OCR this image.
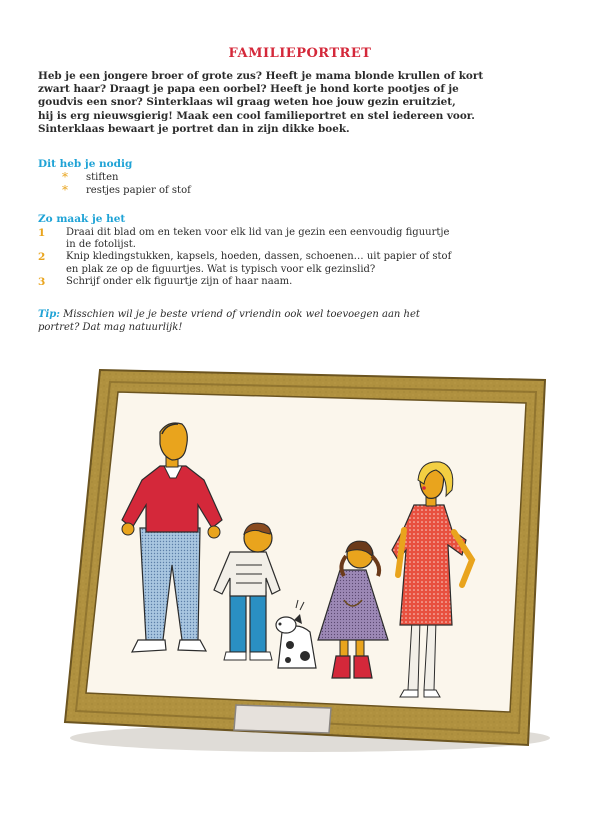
FAMILIEPORTRET
Heb je een jongere broer of grote zus? Heeft je mama blonde krullen of kort
zwart haar? Draagt je papa een oorbel? Heeft je hond korte pootjes of je
goudvis een snor? Sinterklaas wil graag weten hoe jouw gezin eruitziet,
hij is erg nieuwsgierig! Maak een cool familieportret en stel iedereen voor.
Sinterklaas bewaart je portret dan in zijn dikke boek.
Dit heb je nodig
* stiften
* restjes papier of stof
Zo maak je het
1 Draai dit blad om en teken voor elk lid van je gezin een eenvoudig figuurtje
in de fotolijst.
2 Knip kledingstukken, kapsels, hoeden, dassen, schoenen… uit papier of stof
en plak ze op de figuurtjes. Wat is typisch voor elk gezinslid?
3 Schrijf onder elk figuurtje zijn of haar naam.
Tip: Misschien wil je je beste vriend of vriendin ook wel toevoegen aan het
portret? Dat mag natuurlijk!
